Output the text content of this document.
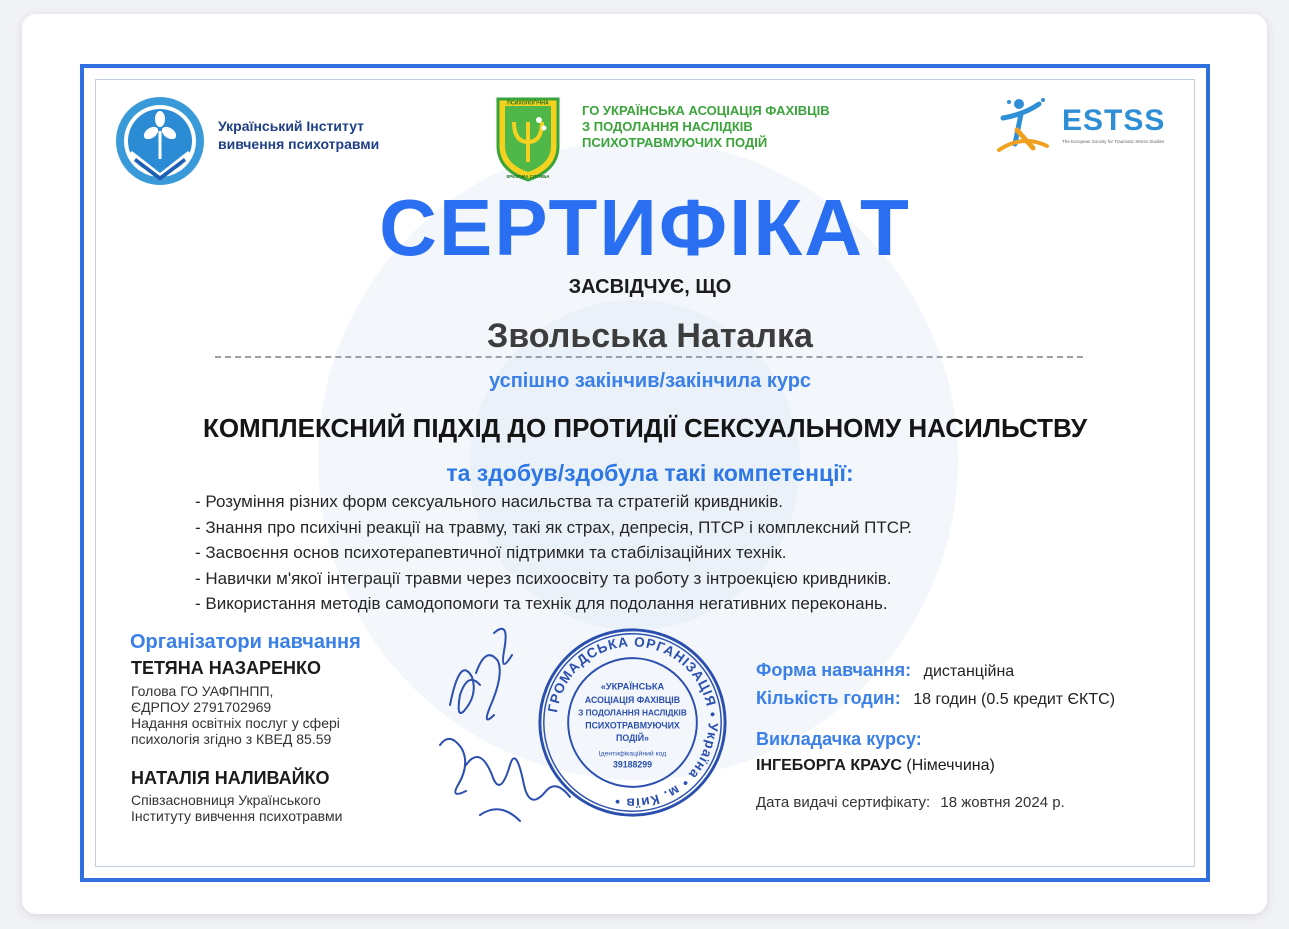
Український Інститут
вивчення психотравми
ПСИХОЛОГІЧНА
КРИЗОВА СЛУЖБА
ГО УКРАЇНСЬКА АСОЦІАЦІЯ ФАХІВЦІВ
З ПОДОЛАННЯ НАСЛІДКІВ
ПСИХОТРАВМУЮЧИХ ПОДІЙ
ESTSS
The European Society for Traumatic Stress Studies
СЕРТИФІКАТ
ЗАСВІДЧУЄ, ЩО
Звольська Наталка
успішно закінчив/закінчила курс
КОМПЛЕКСНИЙ ПІДХІД ДО ПРОТИДІЇ СЕКСУАЛЬНОМУ НАСИЛЬСТВУ
та здобув/здобула такі компетенції:
- Розуміння різних форм сексуального насильства та стратегій кривдників.
- Знання про психічні реакції на травму, такі як страх, депресія, ПТСР і комплексний ПТСР.
- Засвоєння основ психотерапевтичної підтримки та стабілізаційних технік.
- Навички м'якої інтеграції травми через психоосвіту та роботу з інтроекцією кривдників.
- Використання методів самодопомоги та технік для подолання негативних переконань.
Організатори навчання
ТЕТЯНА НАЗАРЕНКО
Голова ГО УАФПНПП,
ЄДРПОУ 2791702969
Надання освітніх послуг у сфері
психологія згідно з КВЕД 85.59
НАТАЛІЯ НАЛИВАЙКО
Співзасновниця Українського
Інституту вивчення психотравми
ГРОМАДСЬКА ОРГАНІЗАЦІЯ • Україна • м. Київ •
«УКРАЇНСЬКА
АСОЦІАЦІЯ ФАХІВЦІВ
З ПОДОЛАННЯ НАСЛІДКІВ
ПСИХОТРАВМУЮЧИХ
ПОДІЙ»
Ідентифікаційний код
39188299
Форма навчання: дистанційна
Кількість годин: 18 годин (0.5 кредит ЄКТС)
Викладачка курсу:
ІНГЕБОРГА КРАУС (Німеччина)
Дата видачі сертифікату: 18 жовтня 2024 р.
